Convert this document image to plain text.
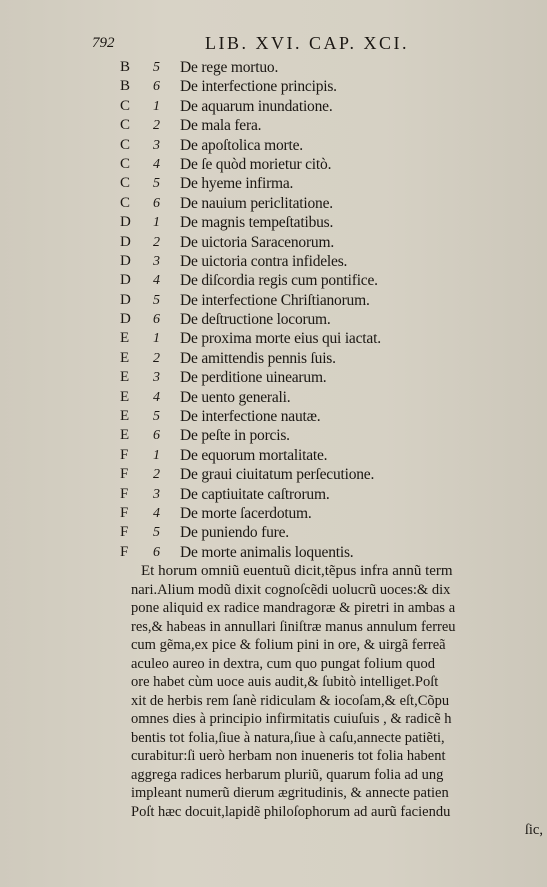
792	LIB. XVI. CAP. XCI.
B 5 De rege mortuo.
B 6 De interfectione principis.
C 1 De aquarum inundatione.
C 2 De mala fera.
C 3 De apoſtolica morte.
C 4 De ſe quòd morietur citò.
C 5 De hyeme infirma.
C 6 De nauium periclitatione.
D 1 De magnis tempeſtatibus.
D 2 De uictoria Saracenorum.
D 3 De uictoria contra infideles.
D 4 De diſcordia regis cum pontifice.
D 5 De interfectione Chriſtianorum.
D 6 De deſtructione locorum.
E 1 De proxima morte eius qui iactat.
E 2 De amittendis pennis ſuis.
E 3 De perditione uinearum.
E 4 De uento generali.
E 5 De interfectione nautæ.
E 6 De peſte in porcis.
F 1 De equorum mortalitate.
F 2 De graui ciuitatum perſecutione.
F 3 De captiuitate caſtrorum.
F 4 De morte ſacerdotum.
F 5 De puniendo fure.
F 6 De morte animalis loquentis.
Et horum omniũ euentuũ dicit,tẽpus infra annũ term
nari.Alium modũ dixit cognoſcẽdi uolucrũ uoces:& dix
pone aliquid ex radice mandragoræ & piretri in ambas a
res,& habeas in annullari ſiniſtræ manus annulum ferreu
cum gẽma,ex pice & folium pini in ore, & uirgã ferreã
aculeo aureo in dextra, cum quo pungat folium quod
ore habet cùm uoce auis audit,& ſubitò intelliget.Poſt
xit de herbis rem ſanè ridiculam & iocoſam,& eſt,Cõpu
omnes dies à principio infirmitatis cuiuſuis , & radicẽ h
bentis tot folia,ſiue à natura,ſiue à caſu,annecte patiẽti,
curabitur:ſi uerò herbam non inueneris tot folia habent
aggrega radices herbarum pluriũ, quarum folia ad ung
impleant numerũ dierum ægritudinis, & annecte patien
Poſt hæc docuit,lapidẽ philoſophorum ad aurũ faciendu
ſic,
